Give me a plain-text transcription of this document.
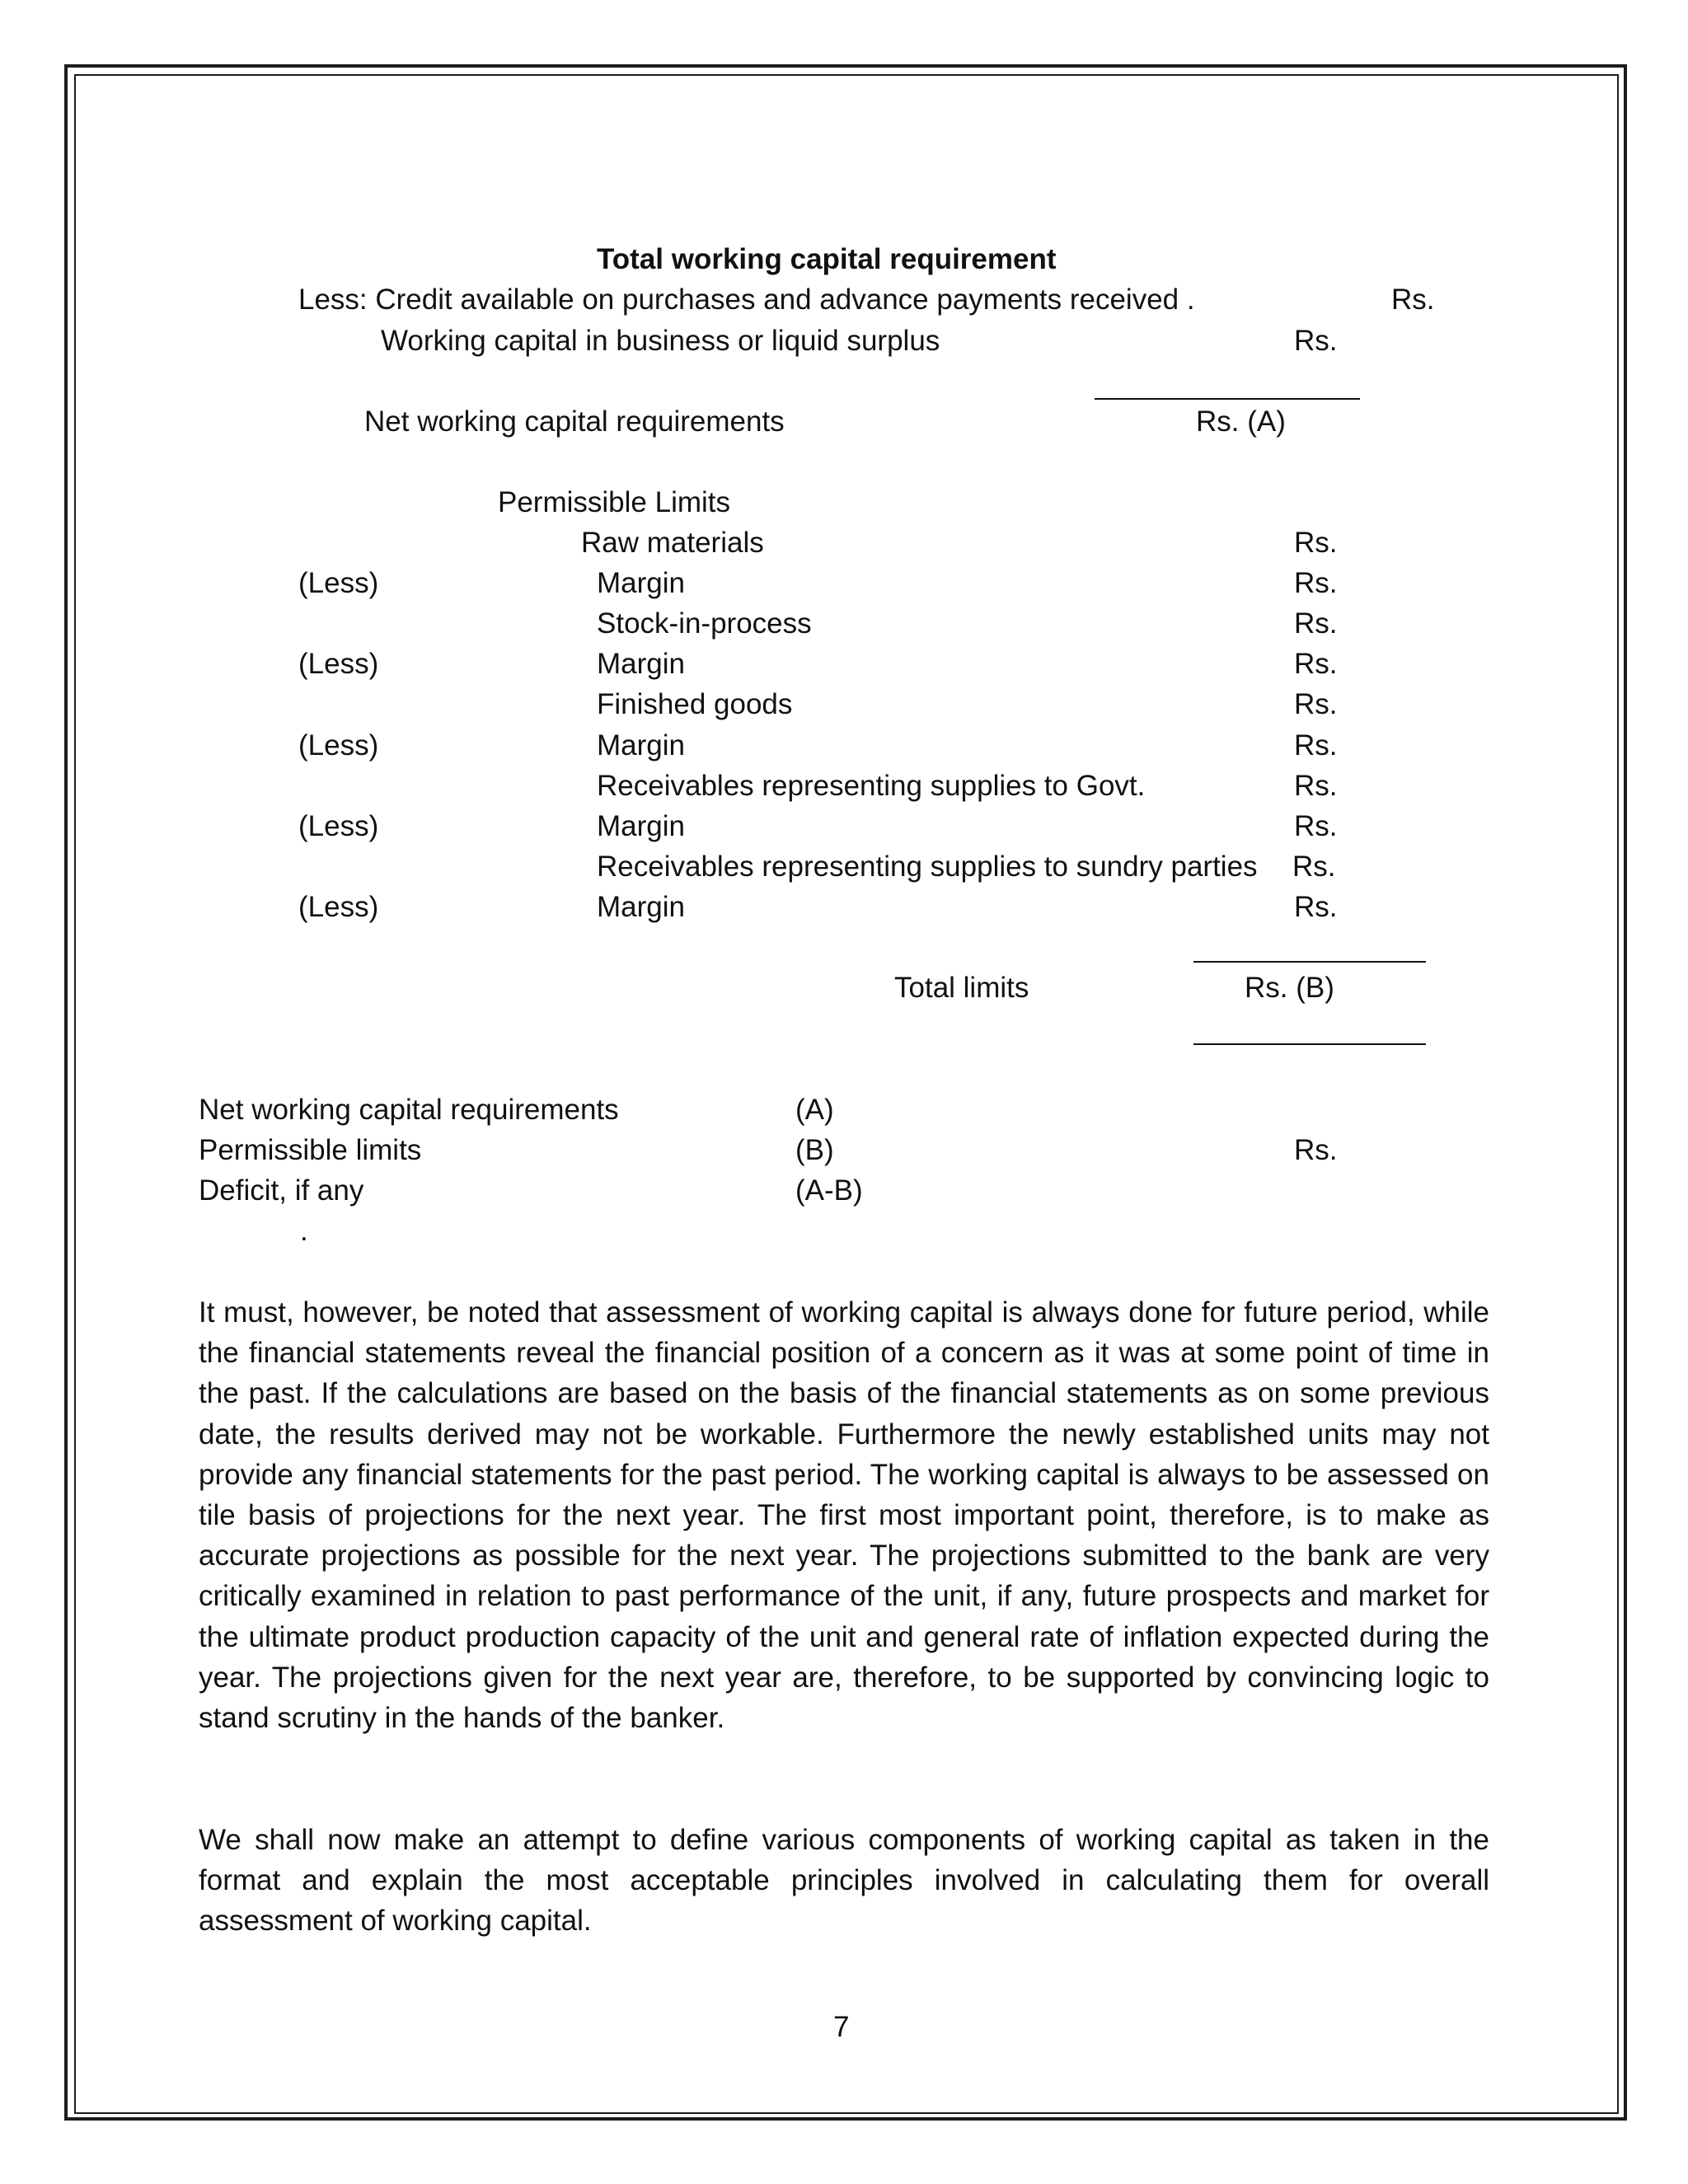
Total working capital requirement
Less: Credit available on purchases and advance payments received .	Rs.
Working capital in business or liquid surplus	Rs.
Net working capital requirements	Rs. (A)
Permissible Limits
Raw materials	Rs.
(Less)	Margin	Rs.
Stock-in-process	Rs.
(Less)	Margin	Rs.
Finished goods	Rs.
(Less)	Margin	Rs.
Receivables representing supplies to Govt.	Rs.
(Less)	Margin	Rs.
Receivables representing supplies to sundry parties Rs.
(Less)	Margin	Rs.
Total limits	Rs. (B)
Net working capital requirements	(A)
Permissible limits	(B)	Rs.
Deficit, if any	(A-B)
.

It must, however, be noted that assessment of working capital is always done for future period, while the financial statements reveal the financial position of a concern as it was at some point of time in the past. If the calculations are based on the basis of the financial statements as on some previous date, the results derived may not be workable. Furthermore the newly established units may not provide any financial statements for the past period. The working capital is always to be assessed on tile basis of projections for the next year. The first most important point, therefore, is to make as accurate projections as possible for the next year. The projections submitted to the bank are very critically examined in relation to past performance of the unit, if any, future prospects and market for the ultimate product production capacity of the unit and general rate of inflation expected during the year. The projections given for the next year are, therefore, to be supported by convincing logic to stand scrutiny in the hands of the banker.

We shall now make an attempt to define various components of working capital as taken in the format and explain the most acceptable principles involved in calculating them for overall assessment of working capital.

7
